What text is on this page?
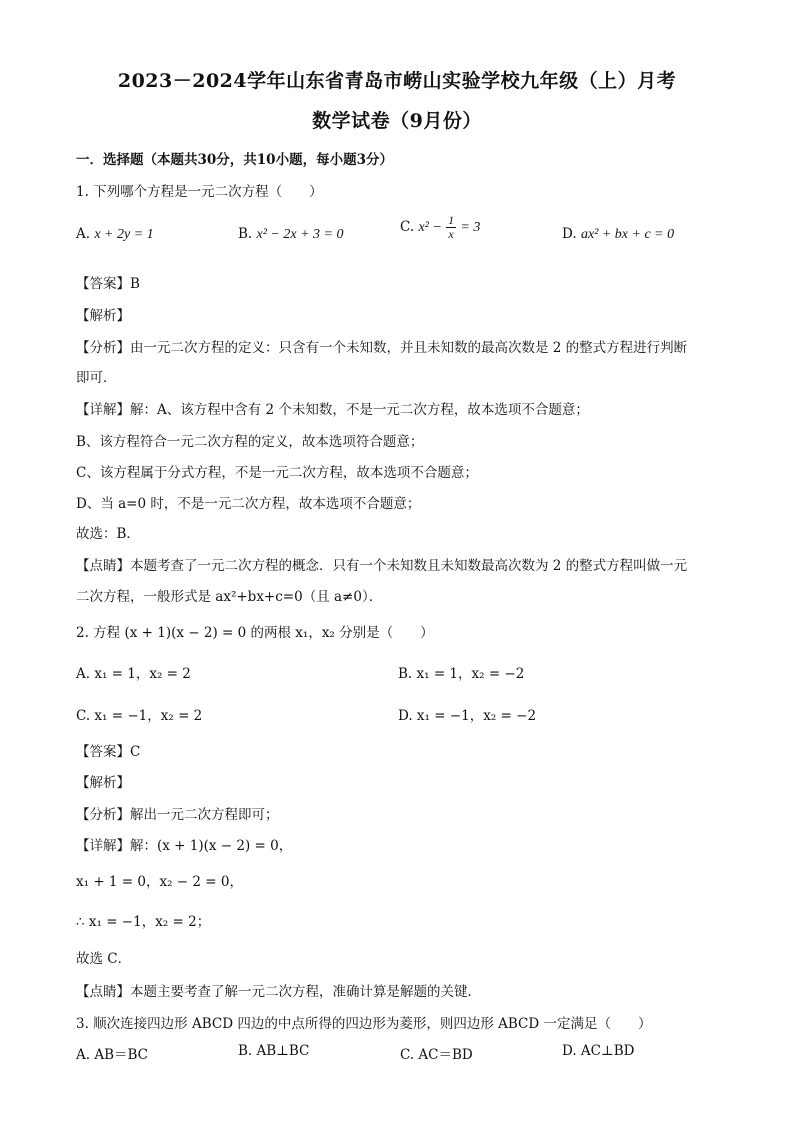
2023－2024学年山东省青岛市崂山实验学校九年级（上）月考
数学试卷（9月份）
一．选择题（本题共30分，共10小题，每小题3分）
1. 下列哪个方程是一元二次方程（　　）
A. x + 2y = 1	B. x² − 2x + 3 = 0	C. $x^2 - \frac{1}{x} = 3$	D. ax² + bx + c = 0
【答案】B
【解析】
【分析】由一元二次方程的定义：只含有一个未知数，并且未知数的最高次数是 2 的整式方程进行判断
即可．
【详解】解：A、该方程中含有 2 个未知数，不是一元二次方程，故本选项不合题意；
B、该方程符合一元二次方程的定义，故本选项符合题意；
C、该方程属于分式方程，不是一元二次方程，故本选项不合题意；
D、当 a=0 时，不是一元二次方程，故本选项不合题意；
故选：B．
【点睛】本题考查了一元二次方程的概念．只有一个未知数且未知数最高次数为 2 的整式方程叫做一元
二次方程，一般形式是 ax²+bx+c=0（且 a≠0）．
2. 方程 (x + 1)(x − 2) = 0 的两根 x₁，x₂ 分别是（　　）
A. x₁ = 1，x₂ = 2	B. x₁ = 1，x₂ = −2
C. x₁ = −1，x₂ = 2	D. x₁ = −1，x₂ = −2
【答案】C
【解析】
【分析】解出一元二次方程即可；
【详解】解：(x + 1)(x − 2) = 0，
x₁ + 1 = 0，x₂ − 2 = 0，
∴ x₁ = −1，x₂ = 2；
故选 C．
【点睛】本题主要考查了解一元二次方程，准确计算是解题的关键．
3. 顺次连接四边形 ABCD 四边的中点所得的四边形为菱形，则四边形 ABCD 一定满足（　　）
A. AB＝BC	B. AB⊥BC	C. AC＝BD	D. AC⊥BD
